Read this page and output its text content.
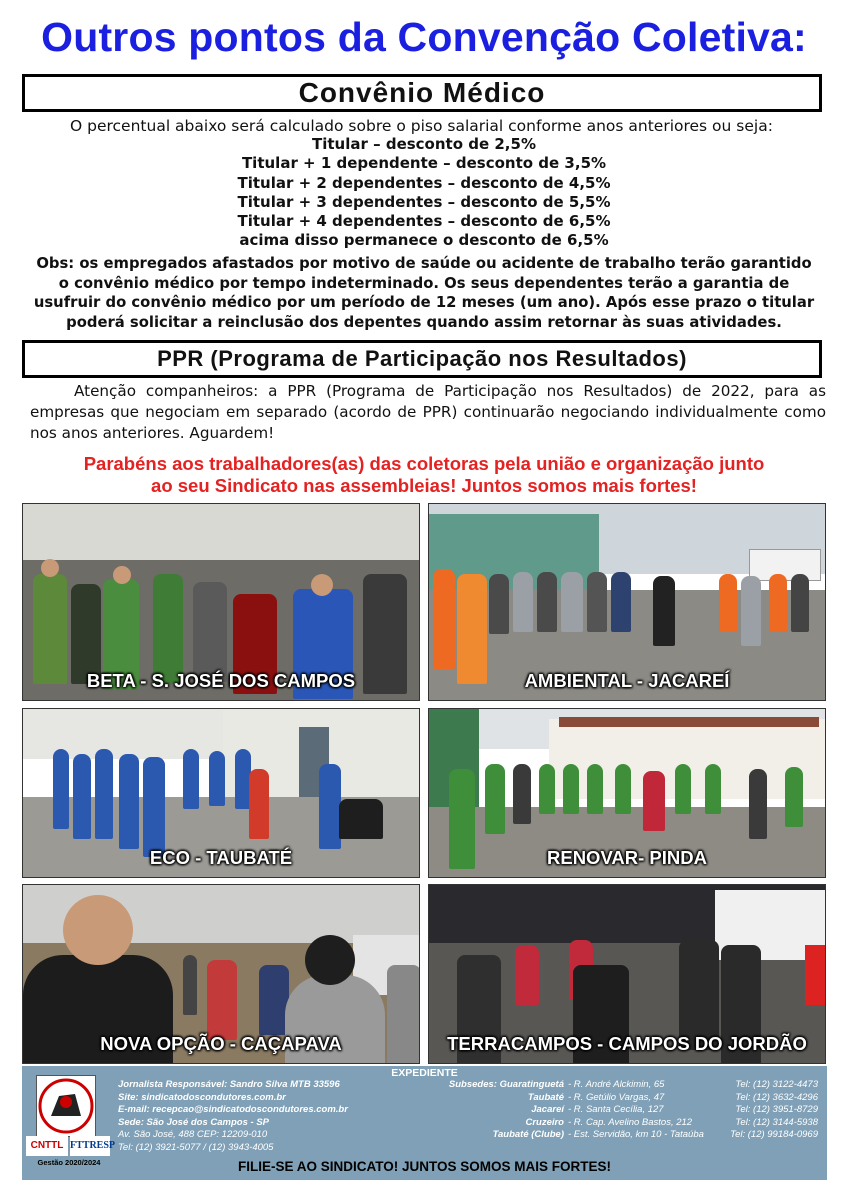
Outros pontos da Convenção Coletiva:
Convênio Médico
O percentual abaixo será calculado sobre o piso salarial conforme anos anteriores ou seja:
Titular – desconto de 2,5%
Titular + 1 dependente – desconto de 3,5%
Titular + 2 dependentes – desconto de 4,5%
Titular + 3 dependentes – desconto de 5,5%
Titular + 4 dependentes – desconto de 6,5%
acima disso permanece o desconto de 6,5%
Obs: os empregados afastados por motivo de saúde ou acidente de trabalho terão garantido o convênio médico por tempo indeterminado. Os seus dependentes terão a garantia de usufruir do convênio médico por um período de 12 meses (um ano). Após esse prazo o titular poderá solicitar a reinclusão dos depentes quando assim retornar às suas atividades.
PPR (Programa de Participação nos Resultados)
Atenção companheiros: a PPR (Programa de Participação nos Resultados) de 2022, para as empresas que negociam em separado (acordo de PPR) continuarão negociando individualmente como nos anos anteriores. Aguardem!
Parabéns aos trabalhadores(as) das coletoras pela união e organização junto
ao seu Sindicato nas assembleias! Juntos somos mais fortes!
BETA - S. JOSÉ DOS CAMPOS	AMBIENTAL - JACAREÍ
ECO - TAUBATÉ	RENOVAR- PINDA
NOVA OPÇÃO - CAÇAPAVA	TERRACAMPOS - CAMPOS DO JORDÃO
EXPEDIENTE
CNTTL FTTRESP
Gestão 2020/2024
Jornalista Responsável: Sandro Silva MTB 33596
Site: sindicatodoscondutores.com.br
E-mail: recepcao@sindicatodoscondutores.com.br
Sede: São José dos Campos - SP
Av. São José, 488 CEP: 12209-010
Tel: (12) 3921-5077 / (12) 3943-4005
Subsedes: Guaratinguetá - R. André Alckimin, 65	Tel: (12) 3122-4473
Taubaté - R. Getúlio Vargas, 47	Tel: (12) 3632-4296
Jacareí - R. Santa Cecília, 127	Tel: (12) 3951-8729
Cruzeiro - R. Cap. Avelino Bastos, 212	Tel: (12) 3144-5938
Taubaté (Clube) - Est. Servidão, km 10 - Tataúba	Tel: (12) 99184-0969
FILIE-SE AO SINDICATO! JUNTOS SOMOS MAIS FORTES!
